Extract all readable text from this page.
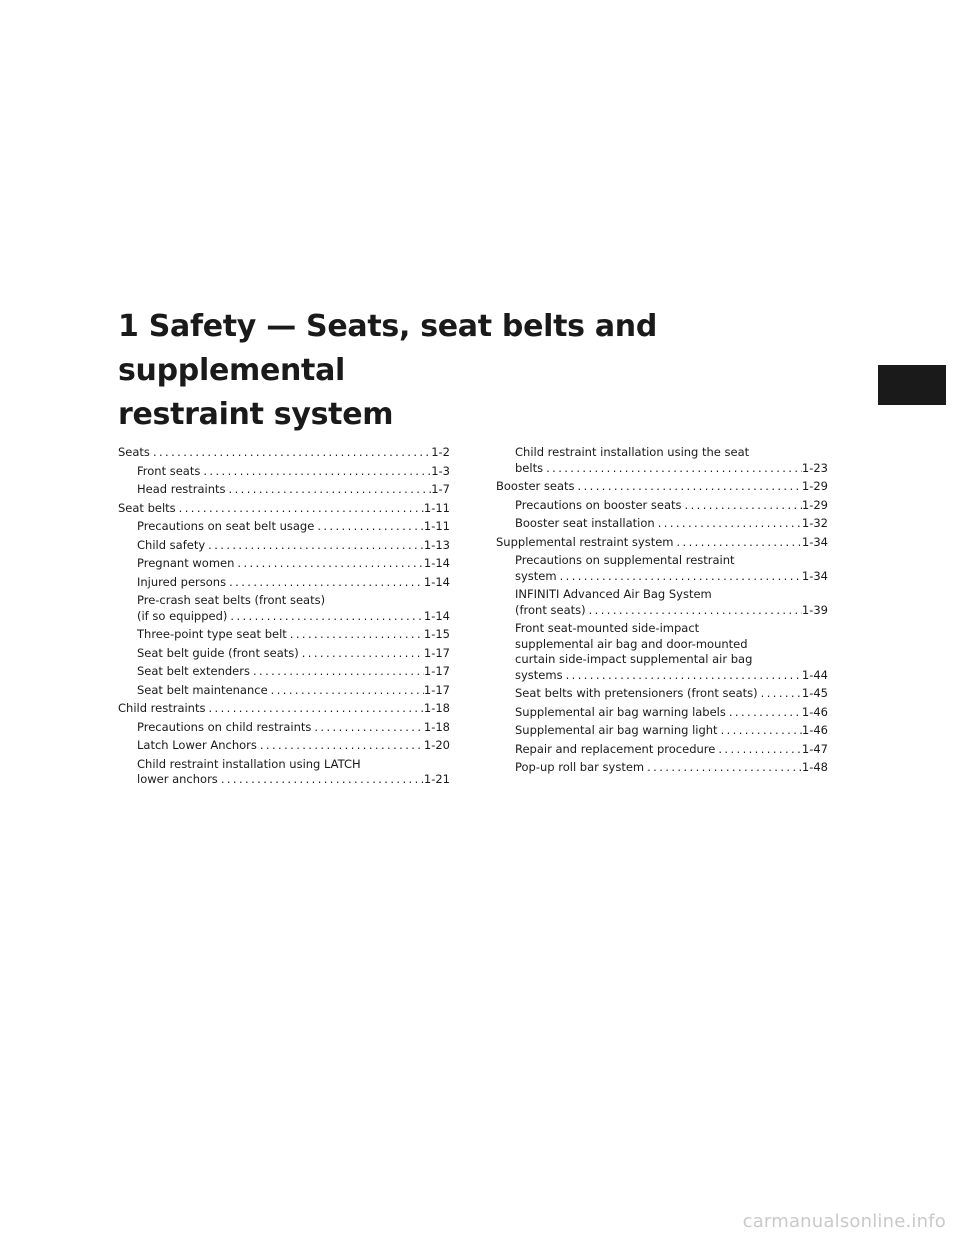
1 Safety — Seats, seat belts and supplemental
restraint system
Seats .....	1-2
Front seats .....	1-3
Head restraints .....	1-7
Seat belts .....	1-11
Precautions on seat belt usage .....	1-11
Child safety .....	1-13
Pregnant women .....	1-14
Injured persons .....	1-14
Pre-crash seat belts (front seats)
(if so equipped) .....	1-14
Three-point type seat belt .....	1-15
Seat belt guide (front seats) .....	1-17
Seat belt extenders .....	1-17
Seat belt maintenance .....	1-17
Child restraints .....	1-18
Precautions on child restraints .....	1-18
Latch Lower Anchors .....	1-20
Child restraint installation using LATCH
lower anchors .....	1-21
Child restraint installation using the seat
belts .....	1-23
Booster seats .....	1-29
Precautions on booster seats .....	1-29
Booster seat installation .....	1-32
Supplemental restraint system .....	1-34
Precautions on supplemental restraint
system .....	1-34
INFINITI Advanced Air Bag System
(front seats) .....	1-39
Front seat-mounted side-impact
supplemental air bag and door-mounted
curtain side-impact supplemental air bag
systems .....	1-44
Seat belts with pretensioners (front seats) .....	1-45
Supplemental air bag warning labels .....	1-46
Supplemental air bag warning light .....	1-46
Repair and replacement procedure .....	1-47
Pop-up roll bar system .....	1-48
carmanualsonline.info
